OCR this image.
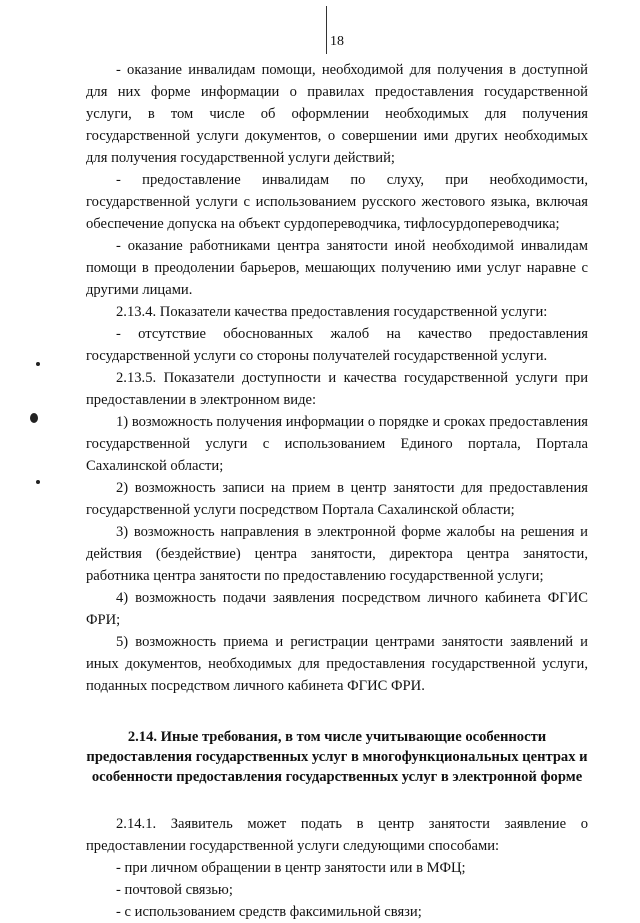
18

- оказание инвалидам помощи, необходимой для получения в доступной для них форме информации о правилах предоставления государственной услуги, в том числе об оформлении необходимых для получения государственной услуги документов, о совершении ими других необходимых для получения государственной услуги действий;

- предоставление инвалидам по слуху, при необходимости, государственной услуги с использованием русского жестового языка, включая обеспечение допуска на объект сурдопереводчика, тифлосурдопереводчика;

- оказание работниками центра занятости иной необходимой инвалидам помощи в преодолении барьеров, мешающих получению ими услуг наравне с другими лицами.

2.13.4. Показатели качества предоставления государственной услуги:

- отсутствие обоснованных жалоб на качество предоставления государственной услуги со стороны получателей государственной услуги.

2.13.5. Показатели доступности и качества государственной услуги при предоставлении в электронном виде:

1) возможность получения информации о порядке и сроках предоставления государственной услуги с использованием Единого портала, Портала Сахалинской области;

2) возможность записи на прием в центр занятости для предоставления государственной услуги посредством Портала Сахалинской области;

3) возможность направления в электронной форме жалобы на решения и действия (бездействие) центра занятости, директора центра занятости, работника центра занятости по предоставлению государственной услуги;

4) возможность подачи заявления посредством личного кабинета ФГИС ФРИ;

5) возможность приема и регистрации центрами занятости заявлений и иных документов, необходимых для предоставления государственной услуги, поданных посредством личного кабинета ФГИС ФРИ.

2.14. Иные требования, в том числе учитывающие особенности предоставления государственных услуг в многофункциональных центрах и особенности предоставления государственных услуг в электронной форме

2.14.1. Заявитель может подать в центр занятости заявление о предоставлении государственной услуги следующими способами:

- при личном обращении в центр занятости или в МФЦ;

- почтовой связью;

- с использованием средств факсимильной связи;
